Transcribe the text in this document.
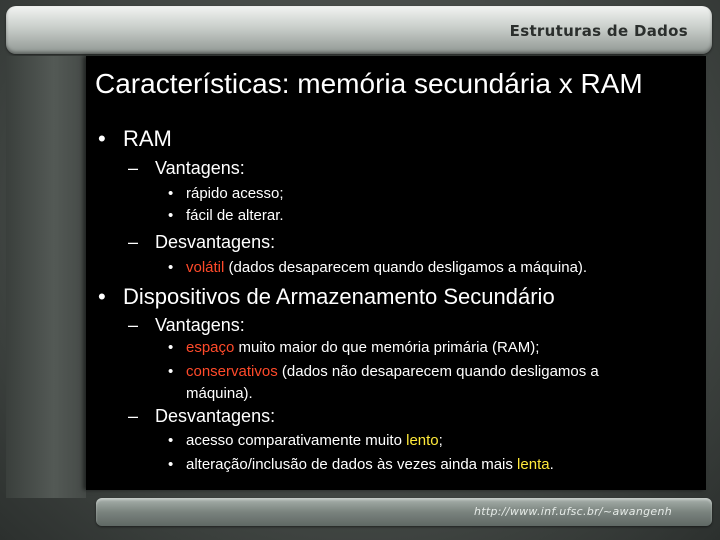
Estruturas de Dados
http://www.inf.ufsc.br/~awangenh
Características: memória secundária x RAM
• RAM
– Vantagens:
• rápido acesso;
• fácil de alterar.
– Desvantagens:
• volátil (dados desaparecem quando desligamos a máquina).
• Dispositivos de Armazenamento Secundário
– Vantagens:
• espaço muito maior do que memória primária (RAM);
• conservativos (dados não desaparecem quando desligamos a
máquina).
– Desvantagens:
• acesso comparativamente muito lento;
• alteração/inclusão de dados às vezes ainda mais lenta.
